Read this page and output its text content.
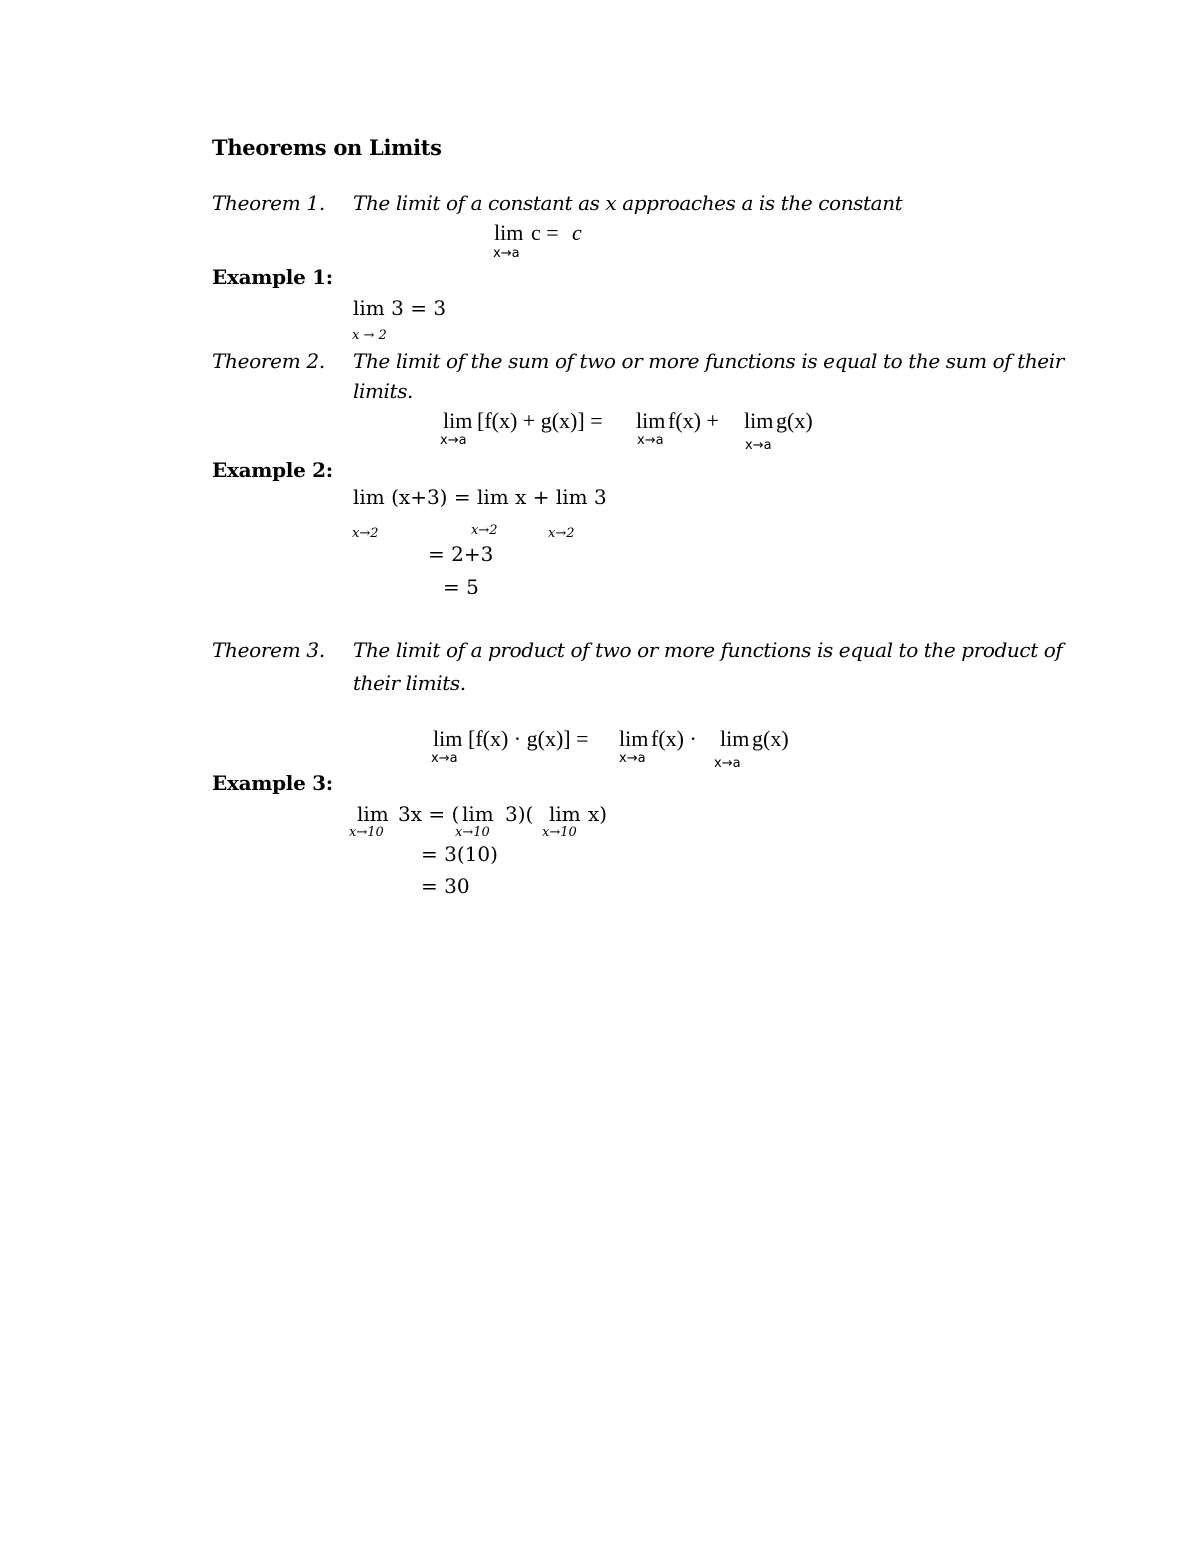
Theorems on Limits
Theorem 1. The limit of a constant as x approaches a is the constant
lim c = c
x→a
Example 1:
lim 3 = 3
x → 2
Theorem 2. The limit of the sum of two or more functions is equal to the sum of their
limits.
lim [f(x) + g(x)] = lim f(x) + lim g(x)
x→a	x→a	x→a
Example 2:
lim (x+3) = lim x + lim 3
x→2	x→2	x→2
= 2+3
= 5
Theorem 3. The limit of a product of two or more functions is equal to the product of
their limits.
lim [f(x) · g(x)] = lim f(x) · lim g(x)
x→a	x→a	x→a
Example 3:
lim 3x = ( lim 3)( lim x)
x→10	x→10	x→10
= 3(10)
= 30
